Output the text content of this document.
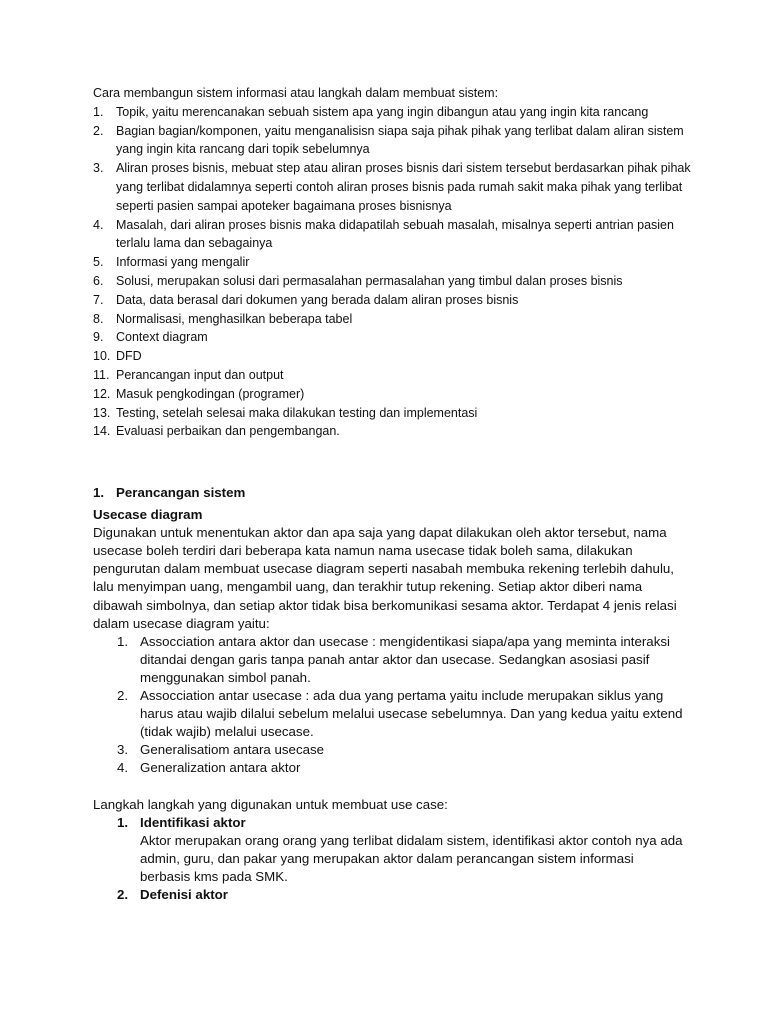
Cara membangun sistem informasi atau langkah dalam membuat sistem:

1. Topik, yaitu merencanakan sebuah sistem apa yang ingin dibangun atau yang ingin kita rancang
2. Bagian bagian/komponen, yaitu menganalisisn siapa saja pihak pihak yang terlibat dalam aliran sistem yang ingin kita rancang dari topik sebelumnya
3. Aliran proses bisnis, mebuat step atau aliran proses bisnis dari sistem tersebut berdasarkan pihak pihak yang terlibat didalamnya seperti contoh aliran proses bisnis pada rumah sakit maka pihak yang terlibat seperti pasien sampai apoteker bagaimana proses bisnisnya
4. Masalah, dari aliran proses bisnis maka didapatilah sebuah masalah, misalnya seperti antrian pasien terlalu lama dan sebagainya
5. Informasi yang mengalir
6. Solusi, merupakan solusi dari permasalahan permasalahan yang timbul dalan proses bisnis
7. Data, data berasal dari dokumen yang berada dalam aliran proses bisnis
8. Normalisasi, menghasilkan beberapa tabel
9. Context diagram
10. DFD
11. Perancangan input dan output
12. Masuk pengkodingan (programer)
13. Testing, setelah selesai maka dilakukan testing dan implementasi
14. Evaluasi perbaikan dan pengembangan.

1. Perancangan sistem

Usecase diagram

Digunakan untuk menentukan aktor dan apa saja yang dapat dilakukan oleh aktor tersebut, nama usecase boleh terdiri dari beberapa kata namun nama usecase tidak boleh sama, dilakukan pengurutan dalam membuat usecase diagram seperti nasabah membuka rekening terlebih dahulu, lalu menyimpan uang, mengambil uang, dan terakhir tutup rekening. Setiap aktor diberi nama dibawah simbolnya, dan setiap aktor tidak bisa berkomunikasi sesama aktor. Terdapat 4 jenis relasi dalam usecase diagram yaitu:

1. Assocciation antara aktor dan usecase : mengidentikasi siapa/apa yang meminta interaksi ditandai dengan garis tanpa panah antar aktor dan usecase. Sedangkan asosiasi pasif menggunakan simbol panah.
2. Assocciation antar usecase : ada dua yang pertama yaitu include merupakan siklus yang harus atau wajib dilalui sebelum melalui usecase sebelumnya. Dan yang kedua yaitu extend (tidak wajib) melalui usecase.
3. Generalisatiom antara usecase
4. Generalization antara aktor

Langkah langkah yang digunakan untuk membuat use case:

1. Identifikasi aktor
Aktor merupakan orang orang yang terlibat didalam sistem, identifikasi aktor contoh nya ada admin, guru, dan pakar yang merupakan aktor dalam perancangan sistem informasi berbasis kms pada SMK.
2. Defenisi aktor
